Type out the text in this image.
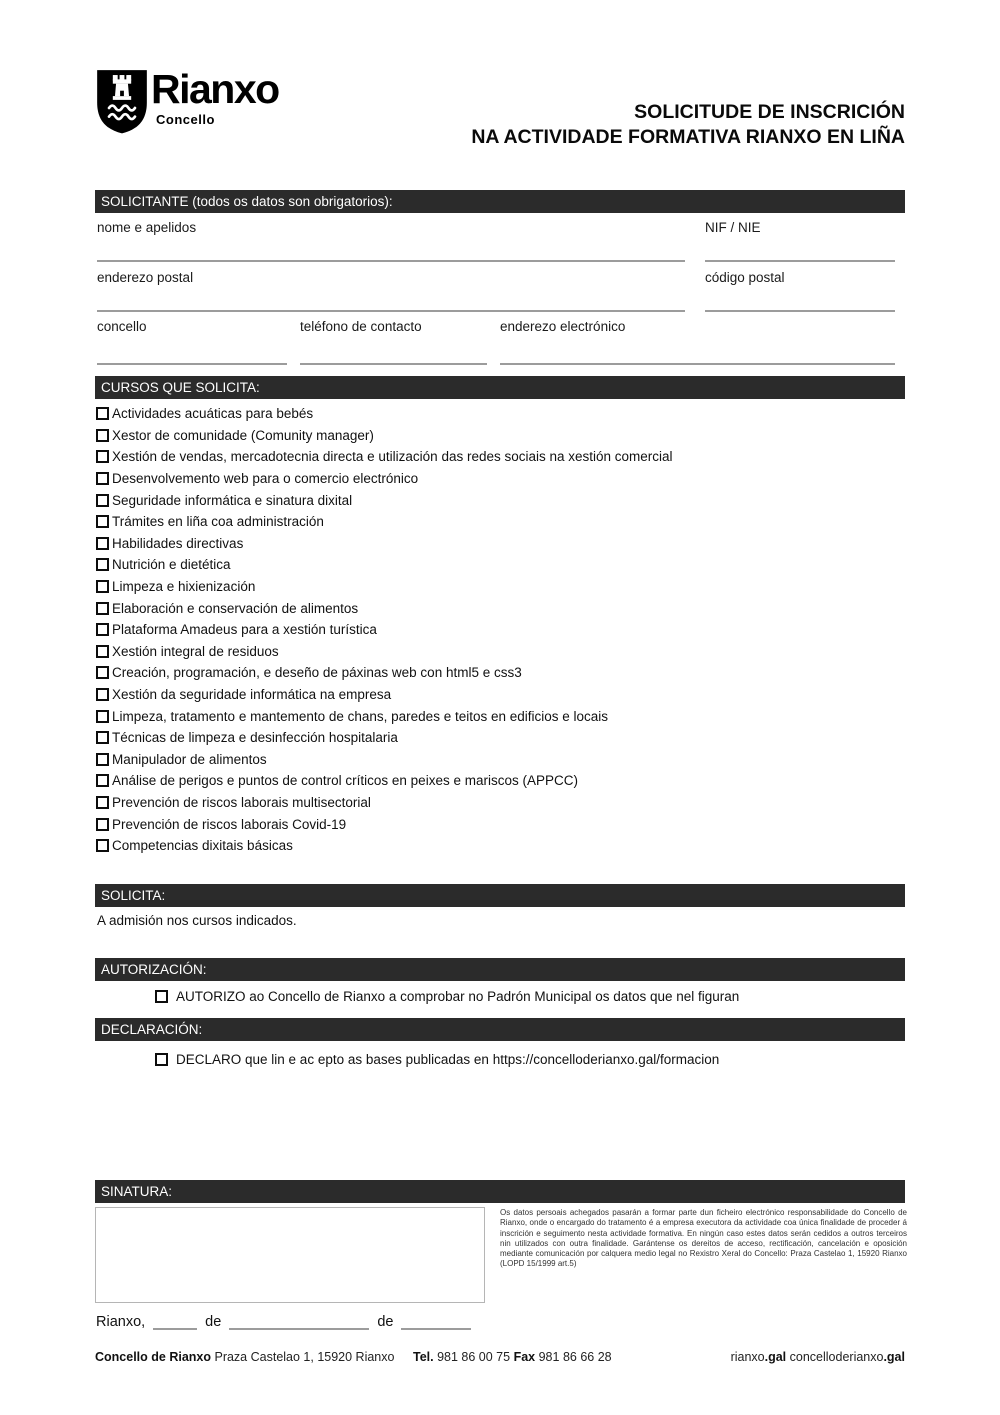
Rianxo
Concello	SOLICITUDE DE INSCRICIÓN
NA ACTIVIDADE FORMATIVA RIANXO EN LIÑA
SOLICITANTE (todos os datos son obrigatorios):
nome e apelidos	NIF / NIE
enderezo postal	código postal
concello	teléfono de contacto	enderezo electrónico
CURSOS QUE SOLICITA:
Actividades acuáticas para bebés
Xestor de comunidade (Comunity manager)
Xestión de vendas, mercadotecnia directa e utilización das redes sociais na xestión comercial
Desenvolvemento web para o comercio electrónico
Seguridade informática e sinatura dixital
Trámites en liña coa administración
Habilidades directivas
Nutrición e dietética
Limpeza e hixienización
Elaboración e conservación de alimentos
Plataforma Amadeus para a xestión turística
Xestión integral de residuos
Creación, programación, e deseño de páxinas web con html5 e css3
Xestión da seguridade informática na empresa
Limpeza, tratamento e mantemento de chans, paredes e teitos en edificios e locais
Técnicas de limpeza e desinfección hospitalaria
Manipulador de alimentos
Análise de perigos e puntos de control críticos en peixes e mariscos (APPCC)
Prevención de riscos laborais multisectorial
Prevención de riscos laborais Covid-19
Competencias dixitais básicas
SOLICITA:
A admisión nos cursos indicados.
AUTORIZACIÓN:
AUTORIZO ao Concello de Rianxo a comprobar no Padrón Municipal os datos que nel figuran
DECLARACIÓN:
DECLARO que lin e ac epto as bases publicadas en https://concelloderianxo.gal/formacion
SINATURA:
Os datos persoais achegados pasarán a formar parte dun ficheiro electrónico responsabilidade do Concello de Rianxo, onde o encargado do tratamento é a empresa executora da actividade coa única finalidade de proceder á inscrición e seguimento nesta actividade formativa. En ningún caso estes datos serán cedidos a outros terceiros nin utilizados con outra finalidade. Garántense os dereitos de acceso, rectificación, cancelación e oposición mediante comunicación por calquera medio legal no Rexistro Xeral do Concello: Praza Castelao 1, 15920 Rianxo (LOPD 15/1999 art.5)
Rianxo,	de	de
Concello de Rianxo Praza Castelao 1, 15920 Rianxo	Tel. 981 86 00 75 Fax 981 86 66 28	rianxo.gal concelloderianxo.gal
